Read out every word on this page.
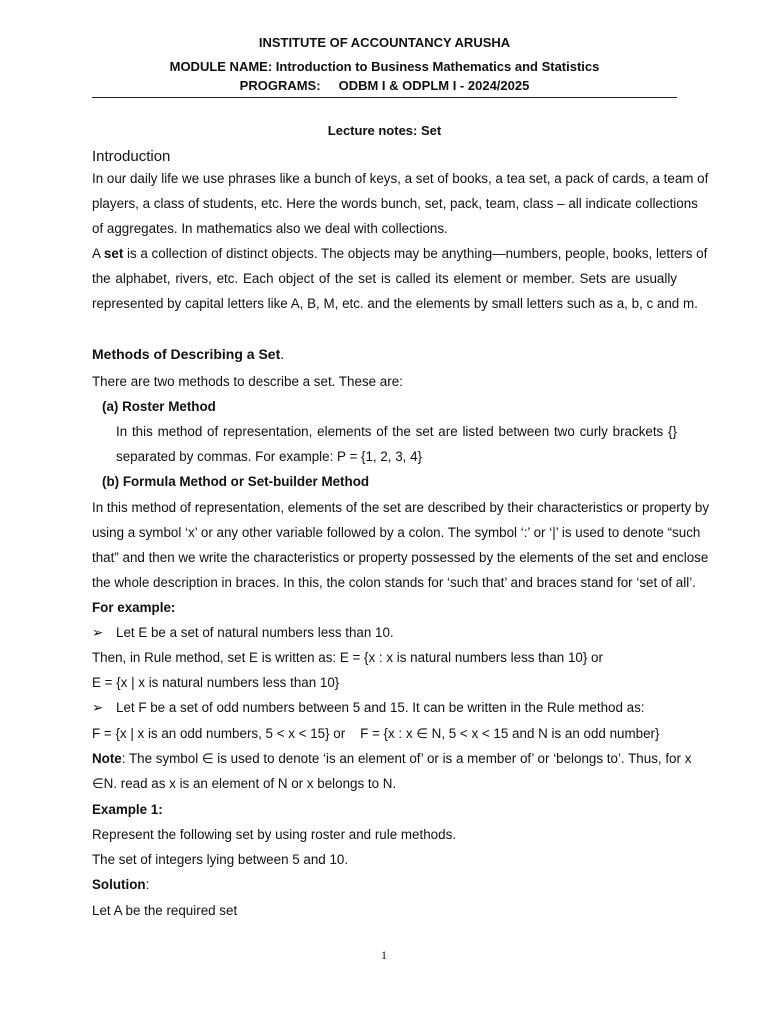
INSTITUTE OF ACCOUNTANCY ARUSHA
MODULE NAME: Introduction to Business Mathematics and Statistics
PROGRAMS:     ODBM I & ODPLM I - 2024/2025
Lecture notes: Set
Introduction
In our daily life we use phrases like a bunch of keys, a set of books, a tea set, a pack of cards, a team of
players, a class of students, etc. Here the words bunch, set, pack, team, class – all indicate collections
of aggregates. In mathematics also we deal with collections.
A set is a collection of distinct objects. The objects may be anything—numbers, people, books, letters of
the alphabet, rivers, etc. Each object of the set is called its element or member. Sets are usually
represented by capital letters like A, B, M, etc. and the elements by small letters such as a, b, c and m.
Methods of Describing a Set.
There are two methods to describe a set. These are:
(a) Roster Method
In this method of representation, elements of the set are listed between two curly brackets {}
separated by commas. For example: P = {1, 2, 3, 4}
(b) Formula Method or Set-builder Method
In this method of representation, elements of the set are described by their characteristics or property by
using a symbol ‘x’ or any other variable followed by a colon. The symbol ‘:’ or ‘|’ is used to denote “such
that” and then we write the characteristics or property possessed by the elements of the set and enclose
the whole description in braces. In this, the colon stands for ‘such that’ and braces stand for ‘set of all’.
For example:
➢ Let E be a set of natural numbers less than 10.
Then, in Rule method, set E is written as: E = {x : x is natural numbers less than 10} or
E = {x | x is natural numbers less than 10}
➢ Let F be a set of odd numbers between 5 and 15. It can be written in the Rule method as:
F = {x | x is an odd numbers, 5 < x < 15} or    F = {x : x ∈ N, 5 < x < 15 and N is an odd number}
Note: The symbol ∈ is used to denote ‘is an element of’ or is a member of’ or ‘belongs to’. Thus, for x
∈N. read as x is an element of N or x belongs to N.
Example 1:
Represent the following set by using roster and rule methods.
The set of integers lying between 5 and 10.
Solution:
Let A be the required set
1
